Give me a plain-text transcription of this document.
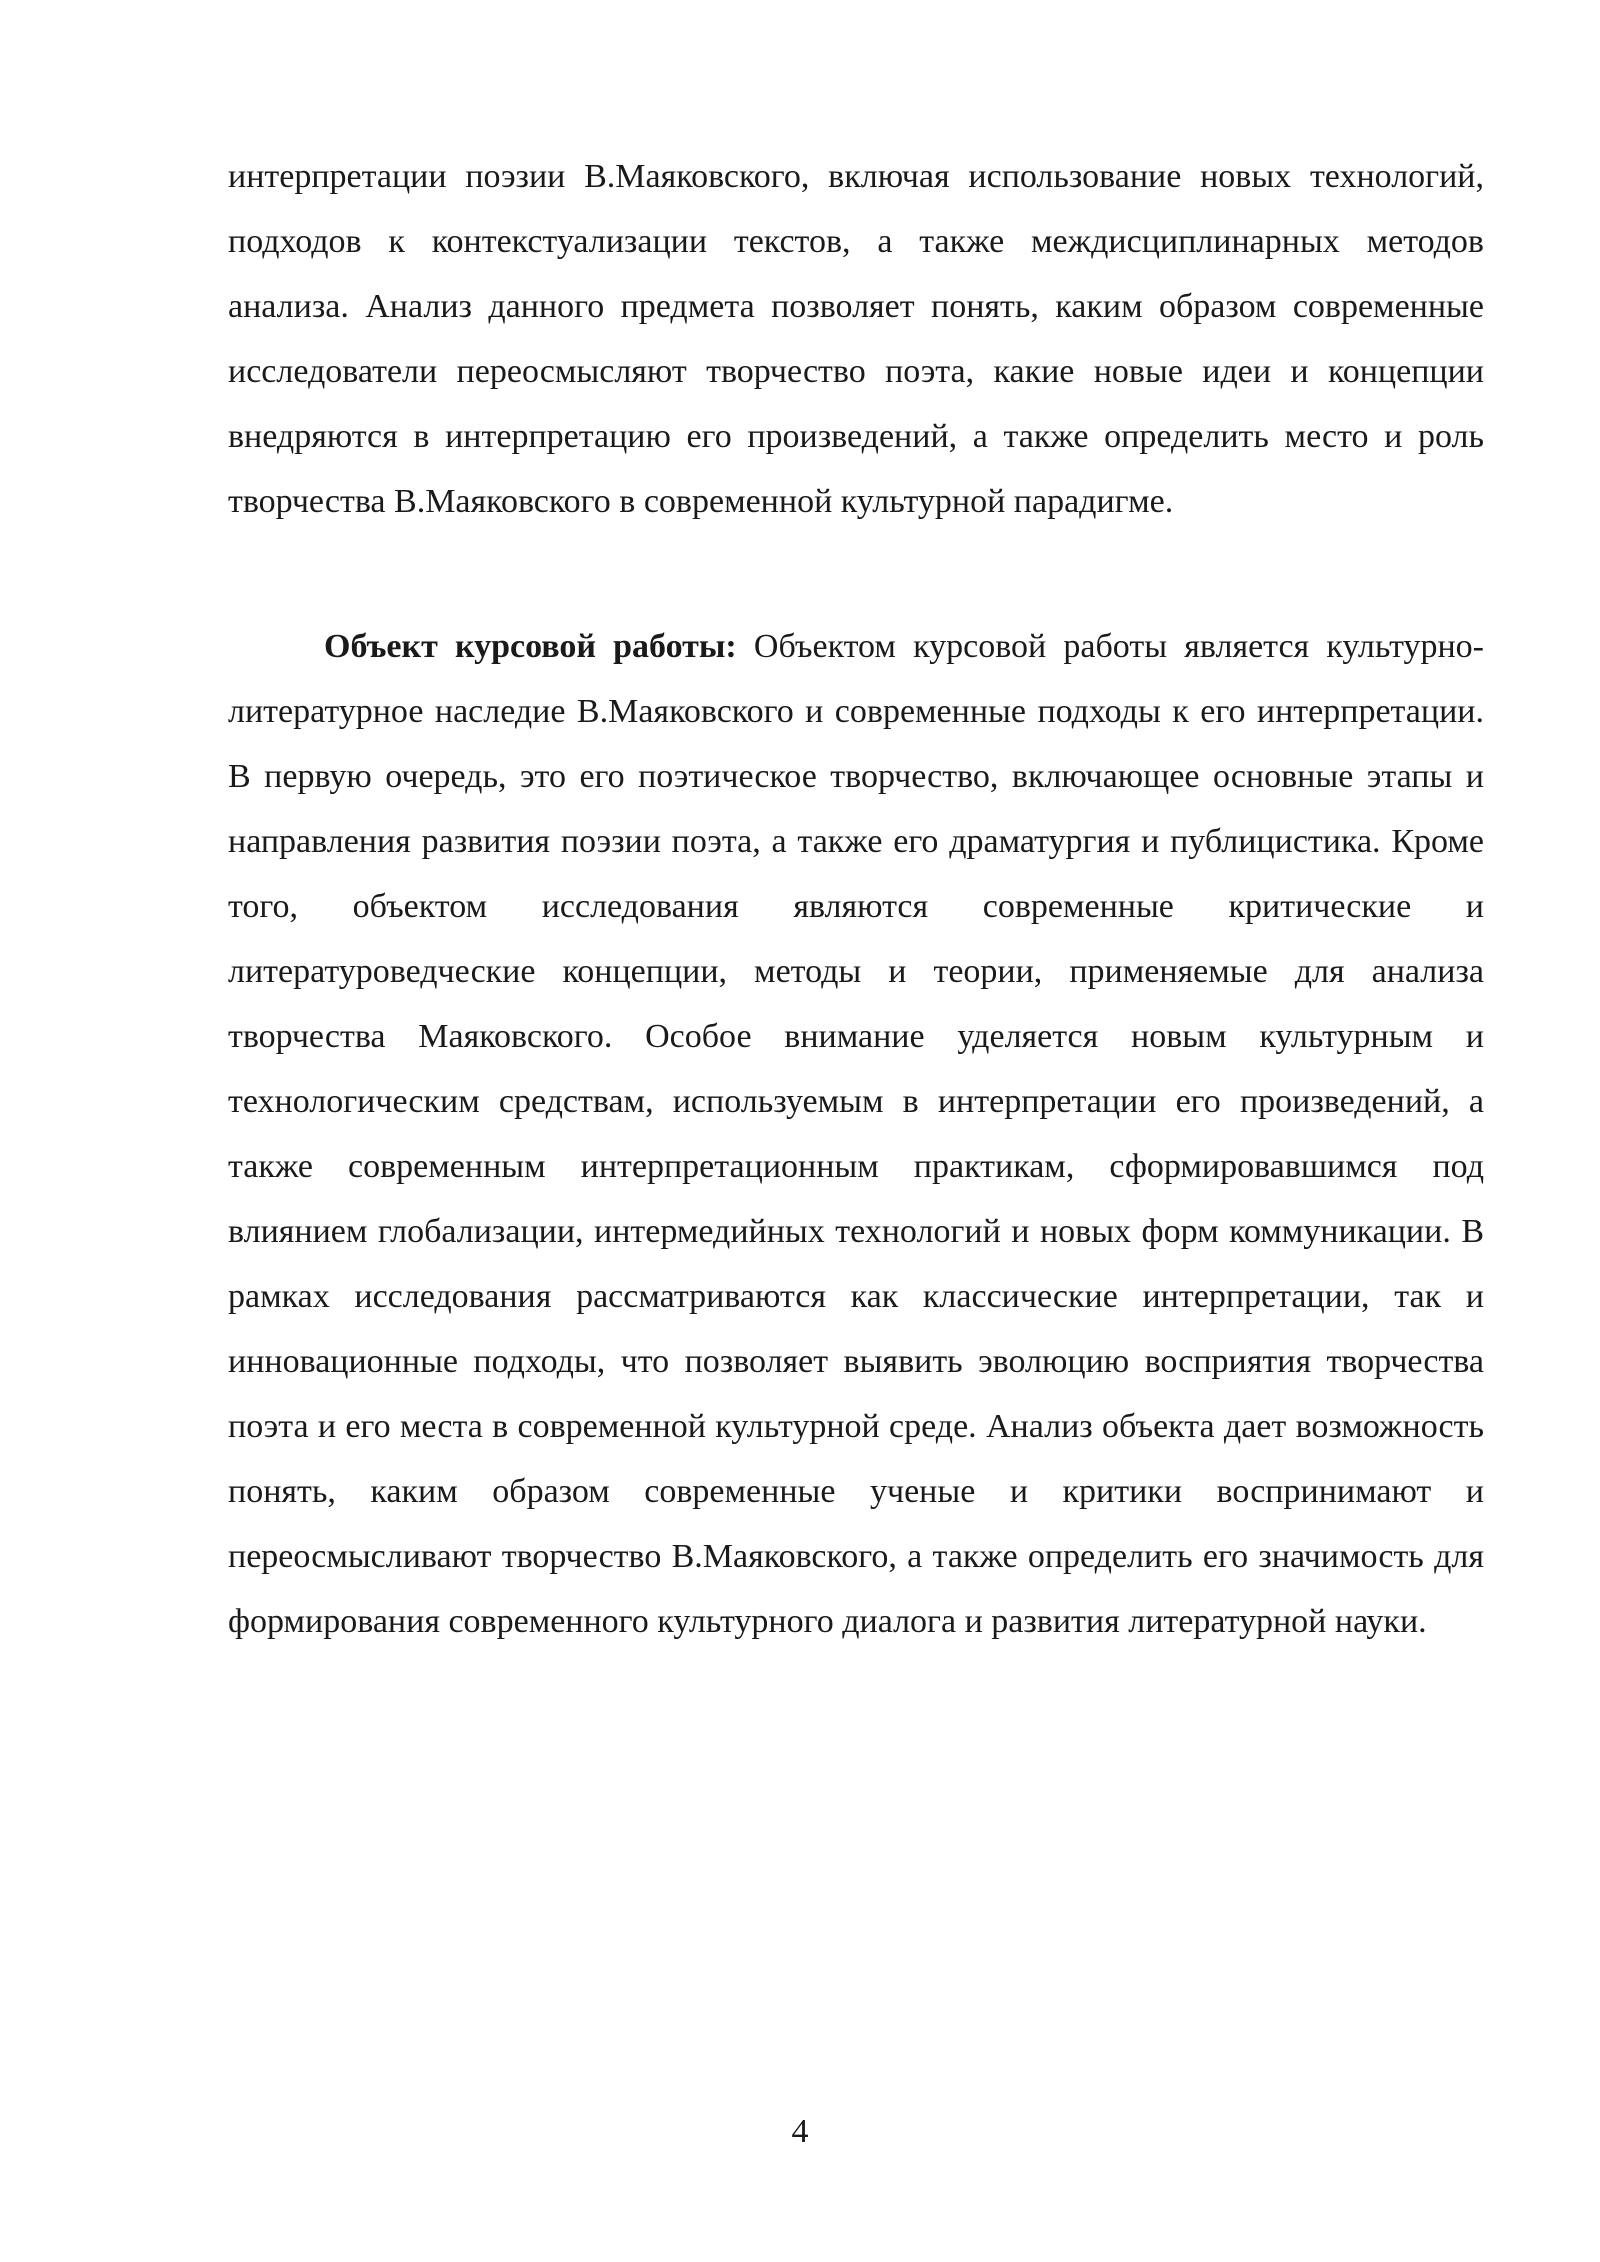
интерпретации поэзии В.Маяковского, включая использование новых технологий, подходов к контекстуализации текстов, а также междисциплинарных методов анализа. Анализ данного предмета позволяет понять, каким образом современные исследователи переосмысляют творчество поэта, какие новые идеи и концепции внедряются в интерпретацию его произведений, а также определить место и роль творчества В.Маяковского в современной культурной парадигме.

Объект курсовой работы: Объектом курсовой работы является культурно-литературное наследие В.Маяковского и современные подходы к его интерпретации. В первую очередь, это его поэтическое творчество, включающее основные этапы и направления развития поэзии поэта, а также его драматургия и публицистика. Кроме того, объектом исследования являются современные критические и литературоведческие концепции, методы и теории, применяемые для анализа творчества Маяковского. Особое внимание уделяется новым культурным и технологическим средствам, используемым в интерпретации его произведений, а также современным интерпретационным практикам, сформировавшимся под влиянием глобализации, интермедийных технологий и новых форм коммуникации. В рамках исследования рассматриваются как классические интерпретации, так и инновационные подходы, что позволяет выявить эволюцию восприятия творчества поэта и его места в современной культурной среде. Анализ объекта дает возможность понять, каким образом современные ученые и критики воспринимают и переосмысливают творчество В.Маяковского, а также определить его значимость для формирования современного культурного диалога и развития литературной науки.

4
